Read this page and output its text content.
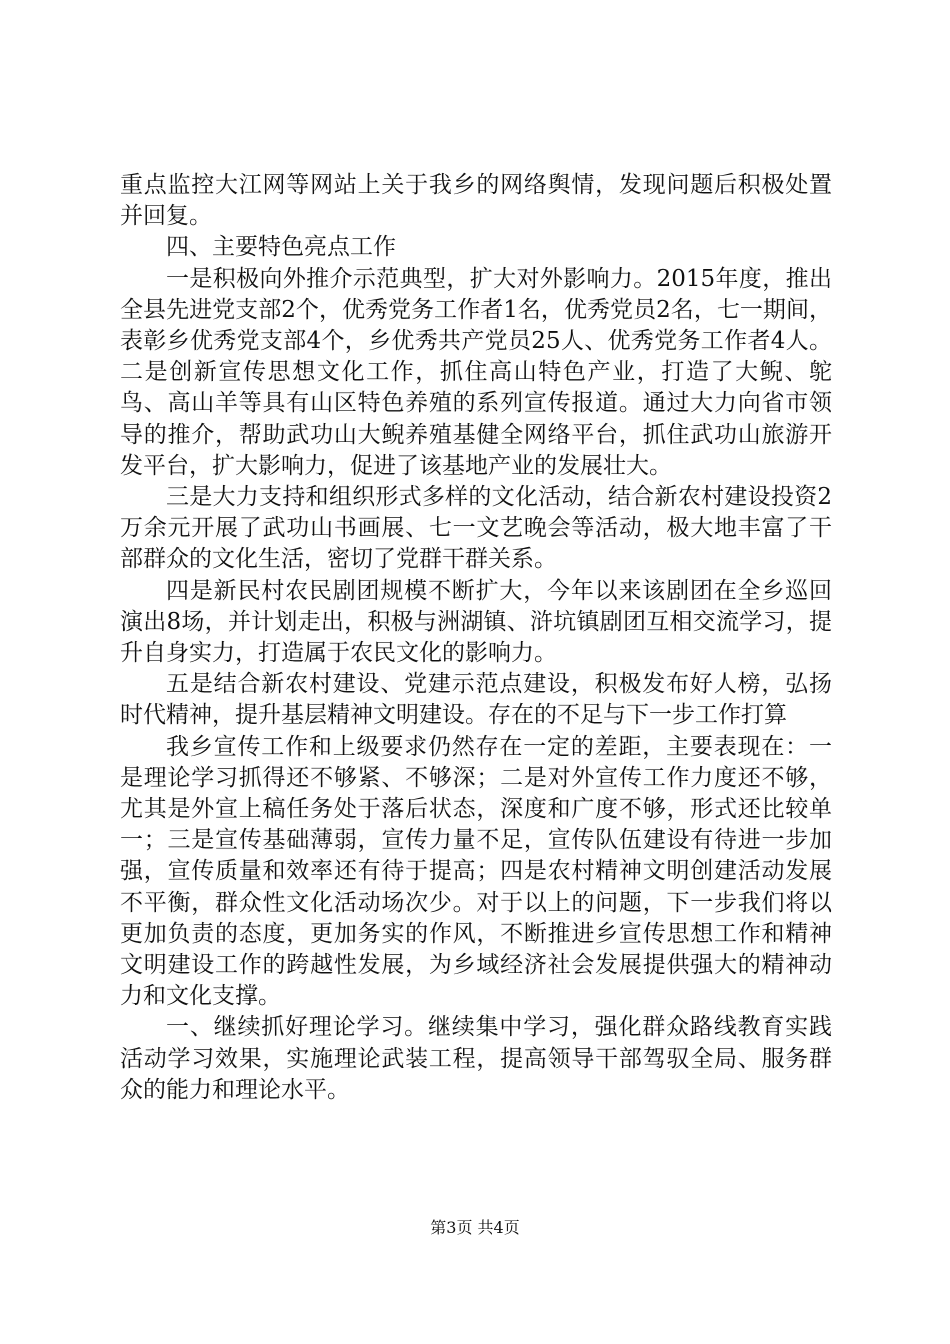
重点监控大江网等网站上关于我乡的网络舆情，发现问题后积极处置并回复。

四、主要特色亮点工作

一是积极向外推介示范典型，扩大对外影响力。2015年度，推出全县先进党支部2个，优秀党务工作者1名，优秀党员2名，七一期间，表彰乡优秀党支部4个，乡优秀共产党员25人、优秀党务工作者4人。二是创新宣传思想文化工作，抓住高山特色产业，打造了大鲵、鸵鸟、高山羊等具有山区特色养殖的系列宣传报道。通过大力向省市领导的推介，帮助武功山大鲵养殖基健全网络平台，抓住武功山旅游开发平台，扩大影响力，促进了该基地产业的发展壮大。

三是大力支持和组织形式多样的文化活动，结合新农村建设投资2万余元开展了武功山书画展、七一文艺晚会等活动，极大地丰富了干部群众的文化生活，密切了党群干群关系。

四是新民村农民剧团规模不断扩大，今年以来该剧团在全乡巡回演出8场，并计划走出，积极与洲湖镇、浒坑镇剧团互相交流学习，提升自身实力，打造属于农民文化的影响力。

五是结合新农村建设、党建示范点建设，积极发布好人榜，弘扬时代精神，提升基层精神文明建设。存在的不足与下一步工作打算

我乡宣传工作和上级要求仍然存在一定的差距，主要表现在：一是理论学习抓得还不够紧、不够深；二是对外宣传工作力度还不够，尤其是外宣上稿任务处于落后状态，深度和广度不够，形式还比较单一；三是宣传基础薄弱，宣传力量不足，宣传队伍建设有待进一步加强，宣传质量和效率还有待于提高；四是农村精神文明创建活动发展不平衡，群众性文化活动场次少。对于以上的问题，下一步我们将以更加负责的态度，更加务实的作风，不断推进乡宣传思想工作和精神文明建设工作的跨越性发展，为乡域经济社会发展提供强大的精神动力和文化支撑。

一、继续抓好理论学习。继续集中学习，强化群众路线教育实践活动学习效果，实施理论武装工程，提高领导干部驾驭全局、服务群众的能力和理论水平。

第3页 共4页
